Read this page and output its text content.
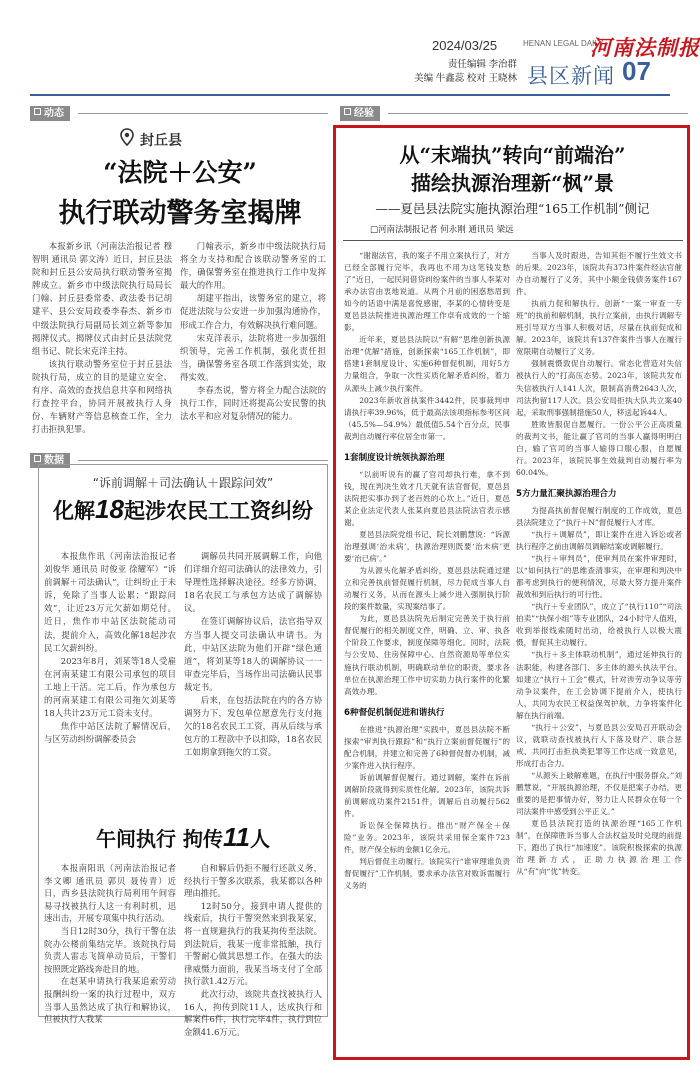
2024/03/25	HENAN LEGAL DAILY
河南法制报
责任编辑 李治群
美编 牛鑫蕊 校对 王晓林 县区新闻 07
动态
数据
经验
封丘县
“法院＋公安”
执行联动警务室揭牌

本报新乡讯（河南法治报记者 穆智明 通讯员 郭文涛）近日，封丘县法院和封丘县公安局执行联动警务室揭牌成立。新乡市中级法院执行局局长门翰、封丘县委常委、政法委书记胡建平、县公安局政委李春杰、新乡市中级法院执行局副局长刘立新等参加揭牌仪式。揭牌仪式由封丘县法院党组书记、院长宋克洋主持。

该执行联动警务室位于封丘县法院执行局，成立的目的是建立安全、有序、高效的查找信息共享和网络执行查控平台，协同开展被执行人身份、车辆财产等信息核查工作，全力打击拒执犯罪。

门翰表示，新乡市中级法院执行局将全力支持和配合该联动警务室的工作，确保警务室在推进执行工作中发挥最大的作用。

胡建平指出，该警务室的建立，将促进法院与公安进一步加强沟通协作，形成工作合力，有效解决执行难问题。

宋克洋表示，法院将进一步加强组织领导，完善工作机制，强化责任担当，确保警务室各项工作落到实处，取得实效。

李春杰说，警方将全力配合法院的执行工作，同时还将提高公安民警的执法水平和应对复杂情况的能力。

“诉前调解＋司法确认＋跟踪问效”
化解18起涉农民工工资纠纷

本报焦作讯（河南法治报记者 刘俊华 通讯员 时俊亚 徐耀军）“诉前调解＋司法确认”，让纠纷止于未诉，免除了当事人讼累；“跟踪问效”，让近23万元欠薪如期兑付。近日，焦作市中站区法院能动司法，提前介入，高效化解18起涉农民工欠薪纠纷。

2023年8月，刘某等18人受雇在河南某建工有限公司承包的项目工地上干活。完工后，作为承包方的河南某建工有限公司拖欠刘某等18人共计23万元工资未支付。

焦作中站区法院了解情况后，与区劳动纠纷调解委员会

调解员共同开展调解工作，向他们详细介绍司法确认的法律效力，引导理性选择解决途径。经多方协调，18名农民工与承包方达成了调解协议。

在签订调解协议后，法官指导双方当事人提交司法确认申请书。为此，中站区法院为他们开辟“绿色通道”，将刘某等18人的调解协议一一审查完毕后，当场作出司法确认民事裁定书。

后来，在包括法院在内的各方协调努力下，发包单位愿意先行支付拖欠的18名农民工工资，再从后续与承包方的工程款中予以扣除，18名农民工如期拿到拖欠的工资。

午间执行 拘传11人

本报南阳讯（河南法治报记者 李文卿 通讯员 郭贝 聂传青）近日，西乡县法院执行局利用午间容易寻找被执行人这一有利时机，迅速出击，开展专项集中执行活动。

当日12时30分，执行干警在法院办公楼前集结完毕。该院执行局负责人雷志飞简单动员后，干警们按照既定路线奔赴目的地。

在赵某申请执行我某追索劳动报酬纠纷一案的执行过程中，双方当事人虽然达成了执行和解协议，但被执行人我某

自和解后仍拒不履行还款义务，经执行干警多次联系，我某都以各种理由推托。

12时50分，接到申请人提供的线索后，执行干警突然来到我某家，将一直规避执行的我某拘传至法院。到法院后，我某一度非常抵触，执行干警耐心做其思想工作。在强大的法律威慑力面前，我某当场支付了全部执行款1.42万元。

此次行动，该院共查找被执行人16人，拘传到院11人，达成执行和解案件6件，执行完毕4件，执行到位金额41.6万元。

从“末端执”转向“前端治”
描绘执源治理新“枫”景
——夏邑县法院实施执源治理“165工作机制”侧记
□河南法制报记者 何永刚 通讯员 梁远

“谢谢法官，我的案子不用立案执行了，对方已经全部履行完毕，我再也不用为这笔钱发愁了”近日，一起民间借贷纠纷案件的当事人李某对承办法官由衷地说道。从两个月前的困惑愁眉到如今的话语中满是喜悦感谢，李某的心情转变是夏邑县法院推进执源治理工作卓有成效的一个缩影。

近年来，夏邑县法院以“有解”思维创新执源治理“优解”措施，创新探索“165工作机制”，即搭建1套制度设计、实施6种督促机制，用好5方力量组合，争取一次性实质化解矛盾纠纷，着力从源头上减少执行案件。

2023年新收首执案件3442件，民事裁判申请执行率39.96%，低于最高法该项指标参考区间（45.5%—54.9%）最低值5.54个百分点，民事裁判自动履行率位居全市第一。

1套制度设计统领执源治理

“以前听说有的赢了官司却执行难，拿不到钱，现在判决生效才几天就有法官督促，夏邑县法院把实事办到了老百姓的心坎上。”近日，夏邑某企业法定代表人张某向夏邑县法院法官表示感谢。

夏邑县法院党组书记、院长刘鹏慧说：“诉源治理强调‘治未病’，执源治理则既要‘治未病’更要‘治已病’。”

为从源头化解矛盾纠纷，夏邑县法院通过建立和完善执前督促履行机制，尽力促成当事人自动履行义务，从而在源头上减少进入强制执行阶段的案件数量，实现案结事了。

为此，夏邑县法院先后制定完善关于执行前督促履行的相关制度文件，明确、立、审、执各个阶段工作要求，制度保障等细化。同时，法院与公安局、住房保障中心、自然资源局等单位实施执行联动机制，明确联动单位的职责，要求各单位在执源治理工作中切实助力执行案件的化繁高效办理。

6种督促机制促进和谐执行

在推进“执源治理”实践中，夏邑县法院不断探索“审判执行跟踪”和“执行立案前督促履行”的配合机制，并建立和完善了6种督促督办机制，减少案件进入执行程序。

诉前调解督促履行。通过调解，案件在诉前调解阶段就得到实质性化解。2023年，该院共诉前调解成功案件2151件，调解后自动履行562件。

诉讼保全保障执行。推出“财产保全＋保险”业务。2023年，该院共采用保全案件723件，财产保全标的金额1亿余元。

判后督促主动履行。该院实行“谁审理谁负责督促履行”工作机制，要求承办法官对败诉需履行义务的

当事人及时跟进，告知其拒不履行生效文书的后果。2023年，该院共有373件案件经法官催办自动履行了义务，其中小额金钱债务案件167件。

执前力促和解执行。创新“一案一审查一专班”的执前和解机制，执行立案前，由执行调解专班引导双方当事人积极对话，尽量在执前促成和解。2023年，该院共有137件案件当事人在履行宽限期自动履行了义务。

强制震慑敦促自动履行。常态化营造对失信被执行人的“打高压态势。2023年，该院共发布失信被执行人141人次，限制高消费2643人次，司法拘留117人次。县公安局拒执大队共立案40起，采取刑事强制措施50人，移送起诉44人。

胜败皆服促自愿履行。一份公平公正高质量的裁判文书，能让赢了官司的当事人赢得明明白白，输了官司的当事人输得口服心服，自愿履行。2023年，该院民事生效裁判自动履行率为60.04%。

5方力量汇聚执源治理合力

为提高执前督促履行制度的工作成效，夏邑县法院建立了“执行＋N”督促履行人才库。

“执行＋调解员”，即让案件在进入诉讼或者执行程序之前由调解员调解结案或调解履行。

“执行＋审判员”，使审判员在案件审理时，以“如何执行”的思维查清事实，在审理和判决中都考虑到执行的便利情况，尽最大努力提升案件裁效和到后执行的可行性。

“执行＋专业团队”，成立了“执行110”“司法拍卖”“执保小组”等专业团队，24小时守人值班，收到举报线索随时出动，给被执行人以极大震慑，督促其主动履行。

“执行＋多主体联动机制”，通过延伸执行的法职能，构建各部门、多主体的源头执法平台。如建立“执行＋工会”模式，针对涉劳动争议等劳动争议案件，在工会协调下提前介入，使执行人，共同为农民工权益保驾护航，力争将案件化解在执行前端。

“执行＋公安”，与夏邑县公安局召开联动会议，就联动查找被执行人下落及财产、联合惩戒、共同打击拒执类犯罪等工作达成一致意见，形成打击合力。

“从源头上破解难题，在执行中服务群众。”刘鹏慧说，“开展执源治理，不仅是把案子办结，更重要的是把事情办好，努力让人民群众在每一个司法案件中感受到公平正义。”

夏邑县法院打造的执源治理“165工作机制”，在保障胜诉当事人合法权益及时兑现的前提下，跑出了执行“加速度”。该院积极探索的执源治理新方式，正助力执源治理工作从“有”向“优”转变。
